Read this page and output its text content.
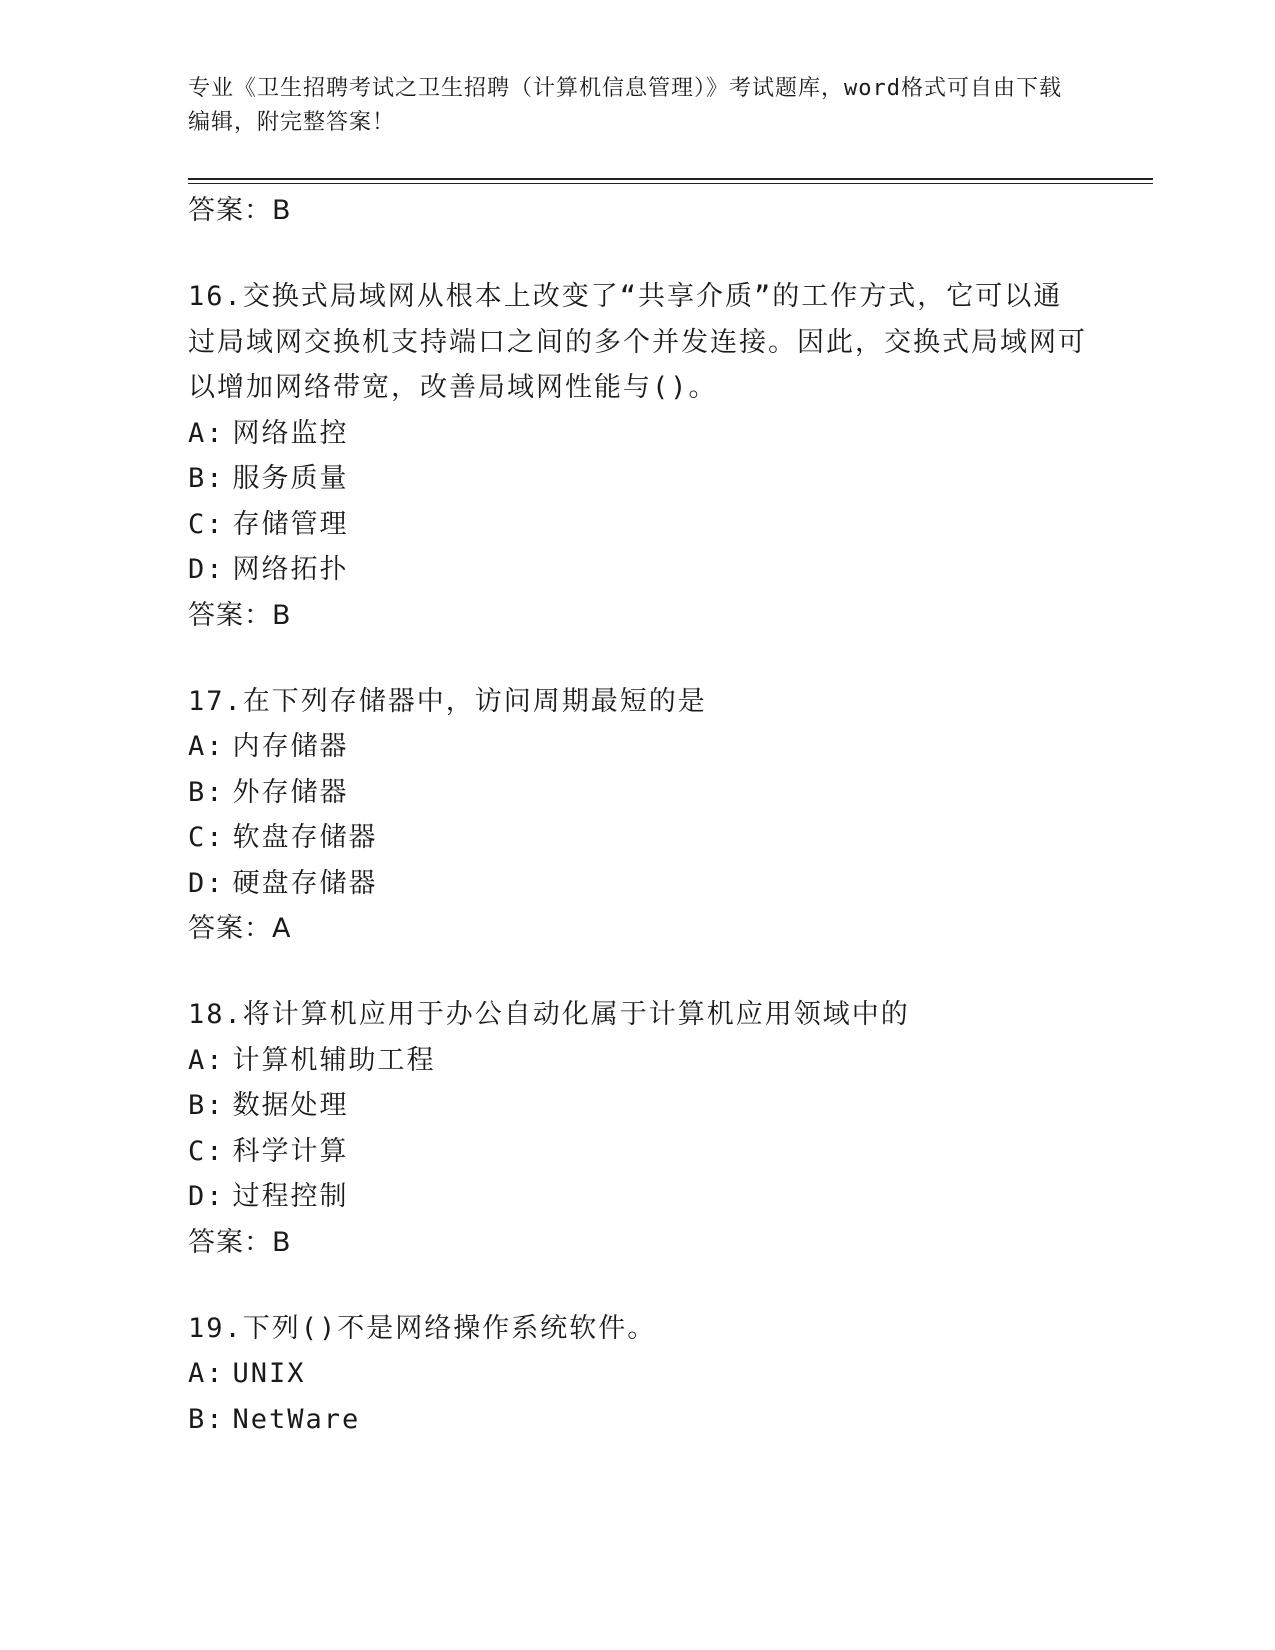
专业《卫生招聘考试之卫生招聘（计算机信息管理）》考试题库，word格式可自由下载编辑，附完整答案！
答案：B
16.交换式局域网从根本上改变了“共享介质”的工作方式，它可以通过局域网交换机支持端口之间的多个并发连接。因此，交换式局域网可以增加网络带宽，改善局域网性能与()。
A: 网络监控
B: 服务质量
C: 存储管理
D: 网络拓扑
答案：B
17.在下列存储器中，访问周期最短的是
A: 内存储器
B: 外存储器
C: 软盘存储器
D: 硬盘存储器
答案：A
18.将计算机应用于办公自动化属于计算机应用领域中的
A: 计算机辅助工程
B: 数据处理
C: 科学计算
D: 过程控制
答案：B
19.下列()不是网络操作系统软件。
A: UNIX
B: NetWare
